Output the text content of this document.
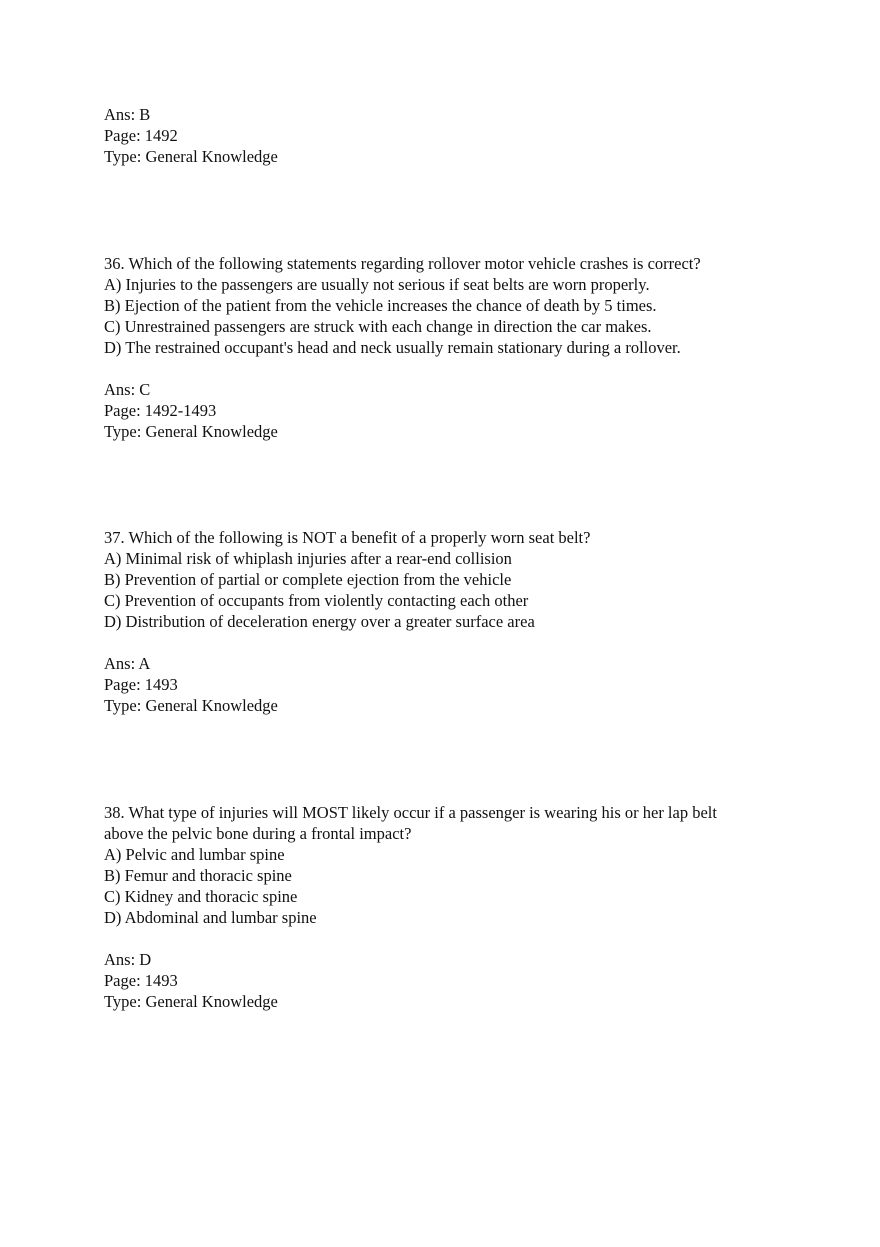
Ans: B
Page: 1492
Type: General Knowledge
36. Which of the following statements regarding rollover motor vehicle crashes is correct?
A) Injuries to the passengers are usually not serious if seat belts are worn properly.
B) Ejection of the patient from the vehicle increases the chance of death by 5 times.
C) Unrestrained passengers are struck with each change in direction the car makes.
D) The restrained occupant's head and neck usually remain stationary during a rollover.
Ans: C
Page: 1492-1493
Type: General Knowledge
37. Which of the following is NOT a benefit of a properly worn seat belt?
A) Minimal risk of whiplash injuries after a rear-end collision
B) Prevention of partial or complete ejection from the vehicle
C) Prevention of occupants from violently contacting each other
D) Distribution of deceleration energy over a greater surface area
Ans: A
Page: 1493
Type: General Knowledge
38. What type of injuries will MOST likely occur if a passenger is wearing his or her lap belt
above the pelvic bone during a frontal impact?
A) Pelvic and lumbar spine
B) Femur and thoracic spine
C) Kidney and thoracic spine
D) Abdominal and lumbar spine
Ans: D
Page: 1493
Type: General Knowledge
